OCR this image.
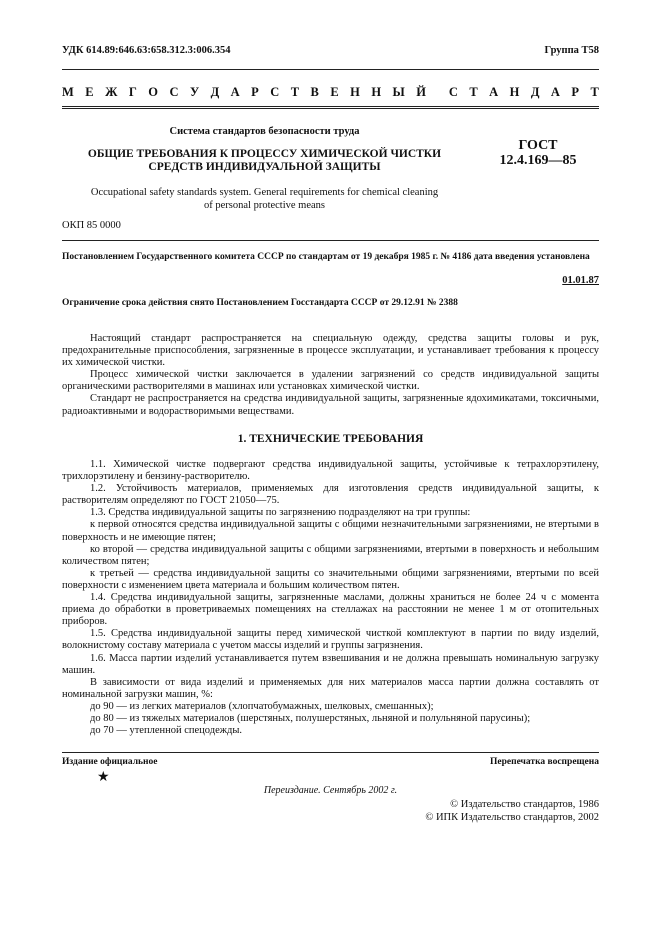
УДК 614.89:646.63:658.312.3:006.354	Группа Т58
М Е Ж Г О С У Д А Р С Т В Е Н Н Ы Й С Т А Н Д А Р Т
Система стандартов безопасности труда
ОБЩИЕ ТРЕБОВАНИЯ К ПРОЦЕССУ ХИМИЧЕСКОЙ ЧИСТКИ
СРЕДСТВ ИНДИВИДУАЛЬНОЙ ЗАЩИТЫ
ГОСТ
12.4.169—85
Occupational safety standards system. General requirements for chemical cleaning
of personal protective means
ОКП 85 0000
Постановлением Государственного комитета СССР по стандартам от 19 декабря 1985 г. № 4186 дата введения установлена
01.01.87
Ограничение срока действия снято Постановлением Госстандарта СССР от 29.12.91 № 2388

Настоящий стандарт распространяется на специальную одежду, средства защиты головы и рук, предохранительные приспособления, загрязненные в процессе эксплуатации, и устанавливает требования к процессу их химической чистки.

Процесс химической чистки заключается в удалении загрязнений со средств индивидуальной защиты органическими растворителями в машинах или установках химической чистки.

Стандарт не распространяется на средства индивидуальной защиты, загрязненные ядохимикатами, токсичными, радиоактивными и водорастворимыми веществами.

1. ТЕХНИЧЕСКИЕ ТРЕБОВАНИЯ

1.1. Химической чистке подвергают средства индивидуальной защиты, устойчивые к тетрахлорэтилену, трихлорэтилену и бензину-растворителю.

1.2. Устойчивость материалов, применяемых для изготовления средств индивидуальной защиты, к растворителям определяют по ГОСТ 21050—75.

1.3. Средства индивидуальной защиты по загрязнению подразделяют на три группы:

к первой относятся средства индивидуальной защиты с общими незначительными загрязнениями, не втертыми в поверхность и не имеющие пятен;

ко второй — средства индивидуальной защиты с общими загрязнениями, втертыми в поверхность и небольшим количеством пятен;

к третьей — средства индивидуальной защиты со значительными общими загрязнениями, втертыми по всей поверхности с изменением цвета материала и большим количеством пятен.

1.4. Средства индивидуальной защиты, загрязненные маслами, должны храниться не более 24 ч с момента приема до обработки в проветриваемых помещениях на стеллажах на расстоянии не менее 1 м от отопительных приборов.

1.5. Средства индивидуальной защиты перед химической чисткой комплектуют в партии по виду изделий, волокнистому составу материала с учетом массы изделий и группы загрязнения.

1.6. Масса партии изделий устанавливается путем взвешивания и не должна превышать номинальную загрузку машин.

В зависимости от вида изделий и применяемых для них материалов масса партии должна составлять от номинальной загрузки машин, %:

до 90 — из легких материалов (хлопчатобумажных, шелковых, смешанных);

до 80 — из тяжелых материалов (шерстяных, полушерстяных, льняной и полульняной парусины);

до 70 — утепленной спецодежды.

Издание официальное	Перепечатка воспрещена
★
Переиздание. Сентябрь 2002 г.
© Издательство стандартов, 1986
© ИПК Издательство стандартов, 2002
